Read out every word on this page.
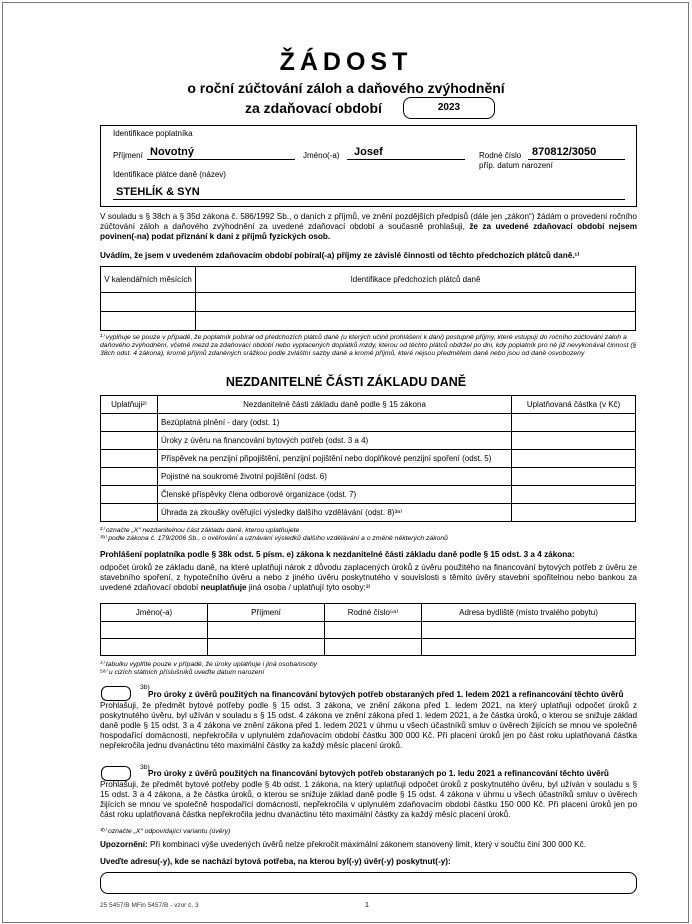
ŽÁDOST
o roční zúčtování záloh a daňového zvýhodnění
za zdaňovací období	2023
Identifikace poplatníka
Příjmení Novotný	Jméno(-a) Josef	Rodné číslo 870812/3050
příp. datum narození
Identifikace plátce daně (název)
STEHLÍK & SYN
V souladu s § 38ch a § 35d zákona č. 586/1992 Sb., o daních z příjmů, ve znění pozdějších předpisů (dále jen „zákon“) žádám o provedení ročního zúčtování záloh a daňového zvýhodnění za uvedené zdaňovací období a současně prohlašuji, že za uvedené zdaňovací období nejsem povinen(-na) podat přiznání k dani z příjmů fyzických osob.
Uvádím, že jsem v uvedeném zdaňovacím období pobíral(-a) příjmy ze závislé činnosti od těchto předchozích plátců daně.¹⁾
V kalendářních měsících	Identifikace předchozích plátců daně

¹⁾ vyplňuje se pouze v případě, že poplatník pobíral od předchozích plátců daně (u kterých učinil prohlášení k dani) postupně příjmy, které vstupují do ročního zúčtování záloh a daňového zvýhodnění, včetně mezd za zdaňovací období nebo vyplacených doplatků mzdy, kterou od těchto plátců obdržel po dni, kdy poplatník pro ně již nevykonával činnost (§ 38ch odst. 4 zákona), kromě příjmů zdaněných srážkou podle zvláštní sazby daně a kromě příjmů, které nejsou předmětem daně nebo jsou od daně osvobozeny
NEZDANITELNÉ ČÁSTI ZÁKLADU DANĚ
Uplatňuji²⁾	Nezdanitelné části základu daně podle § 15 zákona	Uplatňovaná částka (v Kč)
	Bezúplatná plnění - dary (odst. 1)	
	Úroky z úvěru na financování bytových potřeb (odst. 3 a 4)	
	Příspěvek na penzijní připojištění, penzijní pojištění nebo doplňkové penzijní spoření (odst. 5)	
	Pojistné na soukromé životní pojištění (odst. 6)	
	Členské příspěvky člena odborové organizace (odst. 7)	
	Úhrada za zkoušky ověřující výsledky dalšího vzdělávání (odst. 8)³ᵃ⁾	
²⁾ označte „X“ nezdanitelnou část základu daně, kterou uplatňujete
³ᵃ⁾ podle zákona č. 179/2006 Sb., o ověřování a uznávání výsledků dalšího vzdělávání a o změně některých zákonů
Prohlášení poplatníka podle § 38k odst. 5 písm. e) zákona k nezdanitelné části základu daně podle § 15 odst. 3 a 4 zákona:
odpočet úroků ze základu daně, na které uplatňuji nárok z důvodu zaplacených úroků z úvěru použitého na financování bytových potřeb z úvěru ze stavebního spoření, z hypotečního úvěru a nebo z jiného úvěru poskytnutého v souvislosti s těmito úvěry stavební spořitelnou nebo bankou za uvedené zdaňovací období neuplatňuje jiná osoba / uplatňují tyto osoby:³⁾
Jméno(-a)	Příjmení	Rodné číslo⁵ᵃ⁾	Adresa bydliště (místo trvalého pobytu)

³⁾ tabulku vyplňte pouze v případě, že úroky uplatňuje i jiná osoba/osoby
⁵ᵃ⁾ u cizích státních příslušníků uveďte datum narození
3b)
Pro úroky z úvěrů použitých na financování bytových potřeb obstaraných před 1. ledem 2021 a refinancování těchto úvěrů
Prohlašuji, že předmět bytové potřeby podle § 15 odst. 3 zákona, ve znění zákona před 1. ledem 2021, na který uplatňuji odpočet úroků z poskytnutého úvěru, byl užíván v souladu s § 15 odst. 4 zákona ve znění zákona před 1. ledem 2021, a že částka úroků, o kterou se snižuje základ daně podle § 15 odst. 3 a 4 zákona ve znění zákona před 1. ledem 2021 v úhrnu u všech účastníků smluv o úvěrech žijících se mnou ve společně hospodařící domácnosti, nepřekročila v uplynulém zdaňovacím období částku 300 000 Kč. Při placení úroků jen po část roku uplatňovaná částka nepřekročila jednu dvanáctinu této maximální částky za každý měsíc placení úroků.
3b)
Pro úroky z úvěrů použitých na financování bytových potřeb obstaraných po 1. ledu 2021 a refinancování těchto úvěrů
Prohlašuji, že předmět bytové potřeby podle § 4b odst. 1 zákona, na který uplatňuji odpočet úroků z poskytnutého úvěru, byl užíván v souladu s § 15 odst. 3 a 4 zákona, a že částka úroků, o kterou se snižuje základ daně podle § 15 odst. 4 zákona v úhrnu u všech účastníků smluv o úvěrech žijících se mnou ve společně hospodařící domácnosti, nepřekročila v uplynulém zdaňovacím období částku 150 000 Kč. Při placení úroků jen po část roku uplatňovaná částka nepřekročila jednu dvanáctinu této maximální částky za každý měsíc placení úroků.
³ᵇ⁾ označte „X“ odpovídající variantu (úvěry)
Upozornění: Při kombinaci výše uvedených úvěrů nelze překročit maximální zákonem stanovený limit, který v součtu činí 300 000 Kč.
Uveďte adresu(-y), kde se nachází bytová potřeba, na kterou byl(-y) úvěr(-y) poskytnut(-y):
25 5457/B MFin 5457/B - vzor č. 3	1
